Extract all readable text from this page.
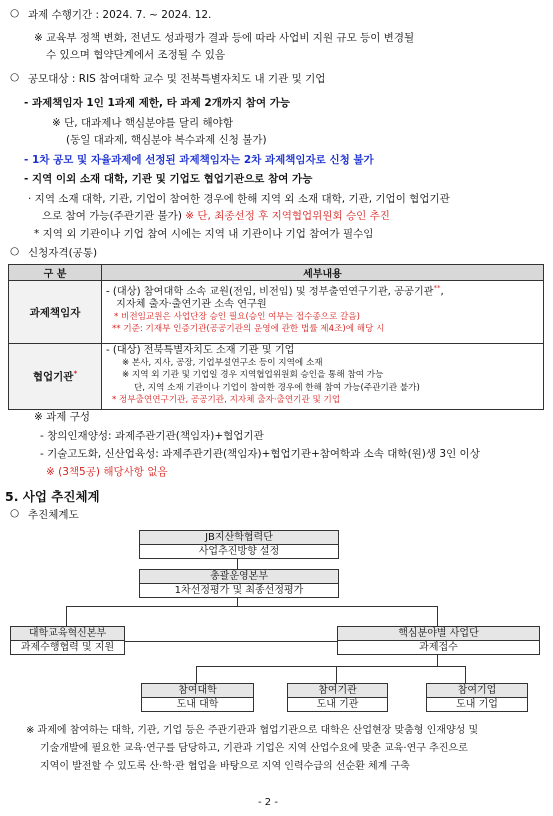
○ 과제 수행기간 : 2024. 7. ~ 2024. 12.
※ 교육부 정책 변화, 전년도 성과평가 결과 등에 따라 사업비 지원 규모 등이 변경될
수 있으며 협약단계에서 조정될 수 있음
○ 공모대상 : RIS 참여대학 교수 및 전북특별자치도 내 기관 및 기업
- 과제책임자 1인 1과제 제한, 타 과제 2개까지 참여 가능
※ 단, 대과제나 핵심분야를 달리 해야함
(동일 대과제, 핵심분야 복수과제 신청 불가)
- 1차 공모 및 자율과제에 선정된 과제책임자는 2차 과제책임자로 신청 불가
- 지역 이외 소재 대학, 기관 및 기업도 협업기관으로 참여 가능
· 지역 소재 대학, 기관, 기업이 참여한 경우에 한해 지역 외 소재 대학, 기관, 기업이 협업기관
으로 참여 가능(주관기관 불가) ※ 단, 최종선정 후 지역협업위원회 승인 추진
* 지역 외 기관이나 기업 참여 시에는 지역 내 기관이나 기업 참여가 필수임
○ 신청자격(공통)
구 분	세부내용
과제책임자	- (대상) 참여대학 소속 교원(전임, 비전임) 및 정부출연연구기관, 공공기관**,
지자체 출자·출연기관 소속 연구원
* 비전임교원은 사업단장 승인 필요(승인 여부는 접수종으로 갈음)
** 기준: 기재부 인증기관(공공기관의 운영에 관한 법률 제4조)에 해당 시

협업기관*	- (대상) 전북특별자치도 소재 기관 및 기업
※ 본사, 지사, 공장, 기업부설연구소 등이 지역에 소재
※ 지역 외 기관 및 기업일 경우 지역협업위원회 승인을 통해 참여 가능
단, 지역 소재 기관이나 기업이 참여한 경우에 한해 참여 가능(주관기관 불가)
* 정부출연연구기관, 공공기관, 지자체 출자·출연기관 및 기업
※ 과제 구성
- 창의인재양성: 과제주관기관(책임자)+협업기관
- 기술고도화, 신산업육성: 과제주관기관(책임자)+협업기관+참여학과 소속 대학(원)생 3인 이상
※ (3책5공) 해당사항 없음
5. 사업 추진체계
○ 추진체계도
JB지산학협력단
사업추진방향 설정
총괄운영본부
1차선정평가 및 최종선정평가
대학교육혁신본부
과제수행협력 및 지원
핵심분야별 사업단
과제접수
참여대학
도내 대학
참여기관
도내 기관
참여기업
도내 기업
※ 과제에 참여하는 대학, 기관, 기업 등은 주관기관과 협업기관으로 대학은 산업현장 맞춤형 인재양성 및
기술개발에 필요한 교육·연구를 담당하고, 기관과 기업은 지역 산업수요에 맞춘 교육·연구 추진으로
지역이 발전할 수 있도록 산·학·관 협업을 바탕으로 지역 인력수급의 선순환 체계 구축
- 2 -
